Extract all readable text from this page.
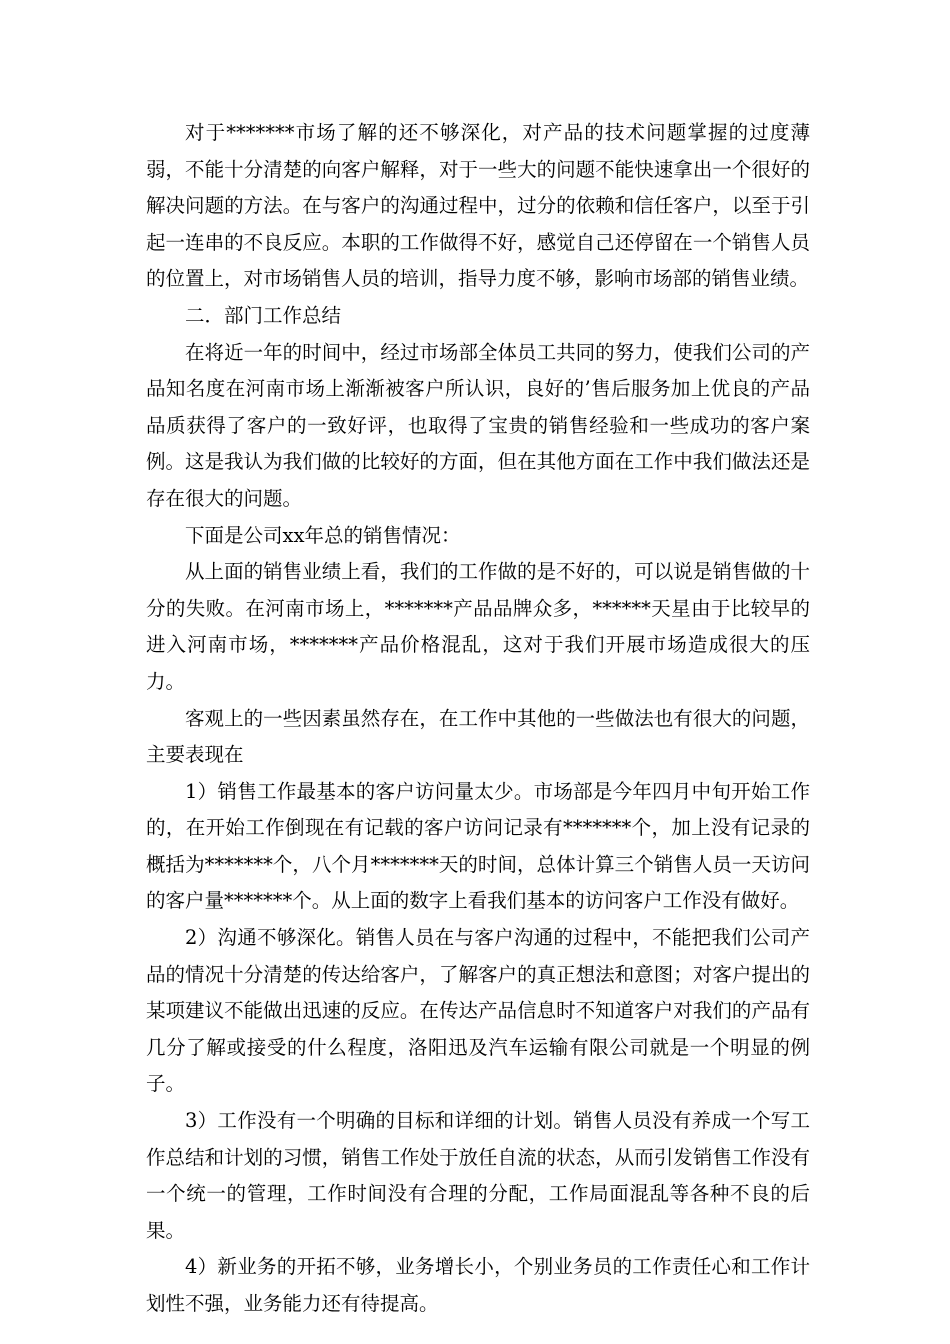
对于*******市场了解的还不够深化，对产品的技术问题掌握的过度薄弱，不能十分清楚的向客户解释，对于一些大的问题不能快速拿出一个很好的解决问题的方法。在与客户的沟通过程中，过分的依赖和信任客户，以至于引起一连串的不良反应。本职的工作做得不好，感觉自己还停留在一个销售人员的位置上，对市场销售人员的培训，指导力度不够，影响市场部的销售业绩。

二．部门工作总结

在将近一年的时间中，经过市场部全体员工共同的努力，使我们公司的产品知名度在河南市场上渐渐被客户所认识，良好的’售后服务加上优良的产品品质获得了客户的一致好评，也取得了宝贵的销售经验和一些成功的客户案例。这是我认为我们做的比较好的方面，但在其他方面在工作中我们做法还是存在很大的问题。

下面是公司xx年总的销售情况：

从上面的销售业绩上看，我们的工作做的是不好的，可以说是销售做的十分的失败。在河南市场上，*******产品品牌众多，******天星由于比较早的进入河南市场，*******产品价格混乱，这对于我们开展市场造成很大的压力。

客观上的一些因素虽然存在，在工作中其他的一些做法也有很大的问题，主要表现在

1）销售工作最基本的客户访问量太少。市场部是今年四月中旬开始工作的，在开始工作倒现在有记载的客户访问记录有*******个，加上没有记录的概括为*******个，八个月*******天的时间，总体计算三个销售人员一天访问的客户量*******个。从上面的数字上看我们基本的访问客户工作没有做好。

2）沟通不够深化。销售人员在与客户沟通的过程中，不能把我们公司产品的情况十分清楚的传达给客户，了解客户的真正想法和意图；对客户提出的某项建议不能做出迅速的反应。在传达产品信息时不知道客户对我们的产品有几分了解或接受的什么程度，洛阳迅及汽车运输有限公司就是一个明显的例子。

3）工作没有一个明确的目标和详细的计划。销售人员没有养成一个写工作总结和计划的习惯，销售工作处于放任自流的状态，从而引发销售工作没有一个统一的管理，工作时间没有合理的分配，工作局面混乱等各种不良的后果。

4）新业务的开拓不够，业务增长小，个别业务员的工作责任心和工作计划性不强，业务能力还有待提高。
